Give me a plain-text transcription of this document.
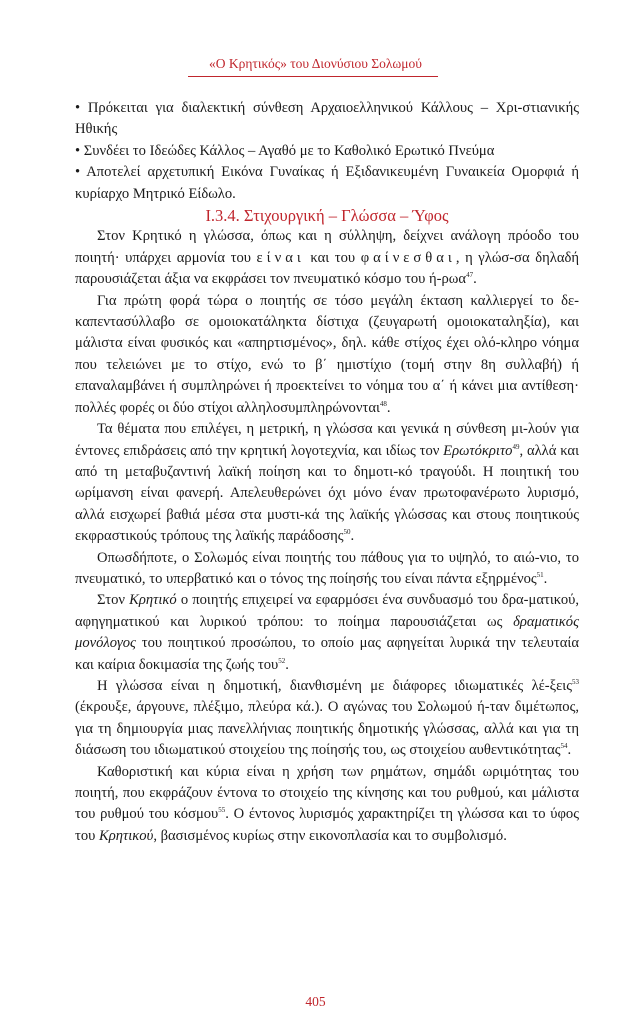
«Ο Κρητικός» του Διονύσιου Σολωμού

• Πρόκειται για διαλεκτική σύνθεση Αρχαιοελληνικού Κάλλους – Χρι-στιανικής Ηθικής

• Συνδέει το Ιδεώδες Κάλλος – Αγαθό με το Καθολικό Ερωτικό Πνεύμα

• Αποτελεί αρχετυπική Εικόνα Γυναίκας ή Εξιδανικευμένη Γυναικεία Ομορφιά ή κυρίαρχο Μητρικό Είδωλο.

Ι.3.4. Στιχουργική – Γλώσσα – Ύφος

Στον Κρητικό η γλώσσα, όπως και η σύλληψη, δείχνει ανάλογη πρόοδο του ποιητή· υπάρχει αρμονία του είναι και του φαίνεσθαι, η γλώσ-σα δηλαδή παρουσιάζεται άξια να εκφράσει τον πνευματικό κόσμο του ή-ρωα$^{47}$.

Για πρώτη φορά τώρα ο ποιητής σε τόσο μεγάλη έκταση καλλιεργεί το δε-καπεντασύλλαβο σε ομοιοκατάληκτα δίστιχα (ζευγαρωτή ομοιοκαταληξία), και μάλιστα είναι φυσικός και «απηρτισμένος», δηλ. κάθε στίχος έχει ολό-κληρο νόημα που τελειώνει με το στίχο, ενώ το β΄ ημιστίχιο (τομή στην 8η συλλαβή) ή επαναλαμβάνει ή συμπληρώνει ή προεκτείνει το νόημα του α΄ ή κάνει μια αντίθεση· πολλές φορές οι δύο στίχοι αλληλοσυμπληρώνονται$^{48}$.

Τα θέματα που επιλέγει, η μετρική, η γλώσσα και γενικά η σύνθεση μι-λούν για έντονες επιδράσεις από την κρητική λογοτεχνία, και ιδίως τον Ερωτόκριτο$^{49}$, αλλά και από τη μεταβυζαντινή λαϊκή ποίηση και το δημοτι-κό τραγούδι. Η ποιητική του ωρίμανση είναι φανερή. Απελευθερώνει όχι μόνο έναν πρωτοφανέρωτο λυρισμό, αλλά εισχωρεί βαθιά μέσα στα μυστι-κά της λαϊκής γλώσσας και στους ποιητικούς εκφραστικούς τρόπους της λαϊκής παράδοσης$^{50}$.

Οπωσδήποτε, ο Σολωμός είναι ποιητής του πάθους για το υψηλό, το αιώ-νιο, το πνευματικό, το υπερβατικό και ο τόνος της ποίησής του είναι πάντα εξηρμένος$^{51}$.

Στον Κρητικό ο ποιητής επιχειρεί να εφαρμόσει ένα συνδυασμό του δρα-ματικού, αφηγηματικού και λυρικού τρόπου: το ποίημα παρουσιάζεται ως δραματικός μονόλογος του ποιητικού προσώπου, το οποίο μας αφηγείται λυρικά την τελευταία και καίρια δοκιμασία της ζωής του$^{52}$.

Η γλώσσα είναι η δημοτική, διανθισμένη με διάφορες ιδιωματικές λέ-ξεις$^{53}$ (έκρουξε, άργουνε, πλέξιμο, πλεύρα κά.). Ο αγώνας του Σολωμού ή-ταν διμέτωπος, για τη δημιουργία μιας πανελλήνιας ποιητικής δημοτικής γλώσσας, αλλά και για τη διάσωση του ιδιωματικού στοιχείου της ποίησής του, ως στοιχείου αυθεντικότητας$^{54}$.

Καθοριστική και κύρια είναι η χρήση των ρημάτων, σημάδι ωριμότητας του ποιητή, που εκφράζουν έντονα το στοιχείο της κίνησης και του ρυθμού, και μάλιστα του ρυθμού του κόσμου$^{55}$. Ο έντονος λυρισμός χαρακτηρίζει τη γλώσσα και το ύφος του Κρητικού, βασισμένος κυρίως στην εικονοπλασία και το συμβολισμό.

405
